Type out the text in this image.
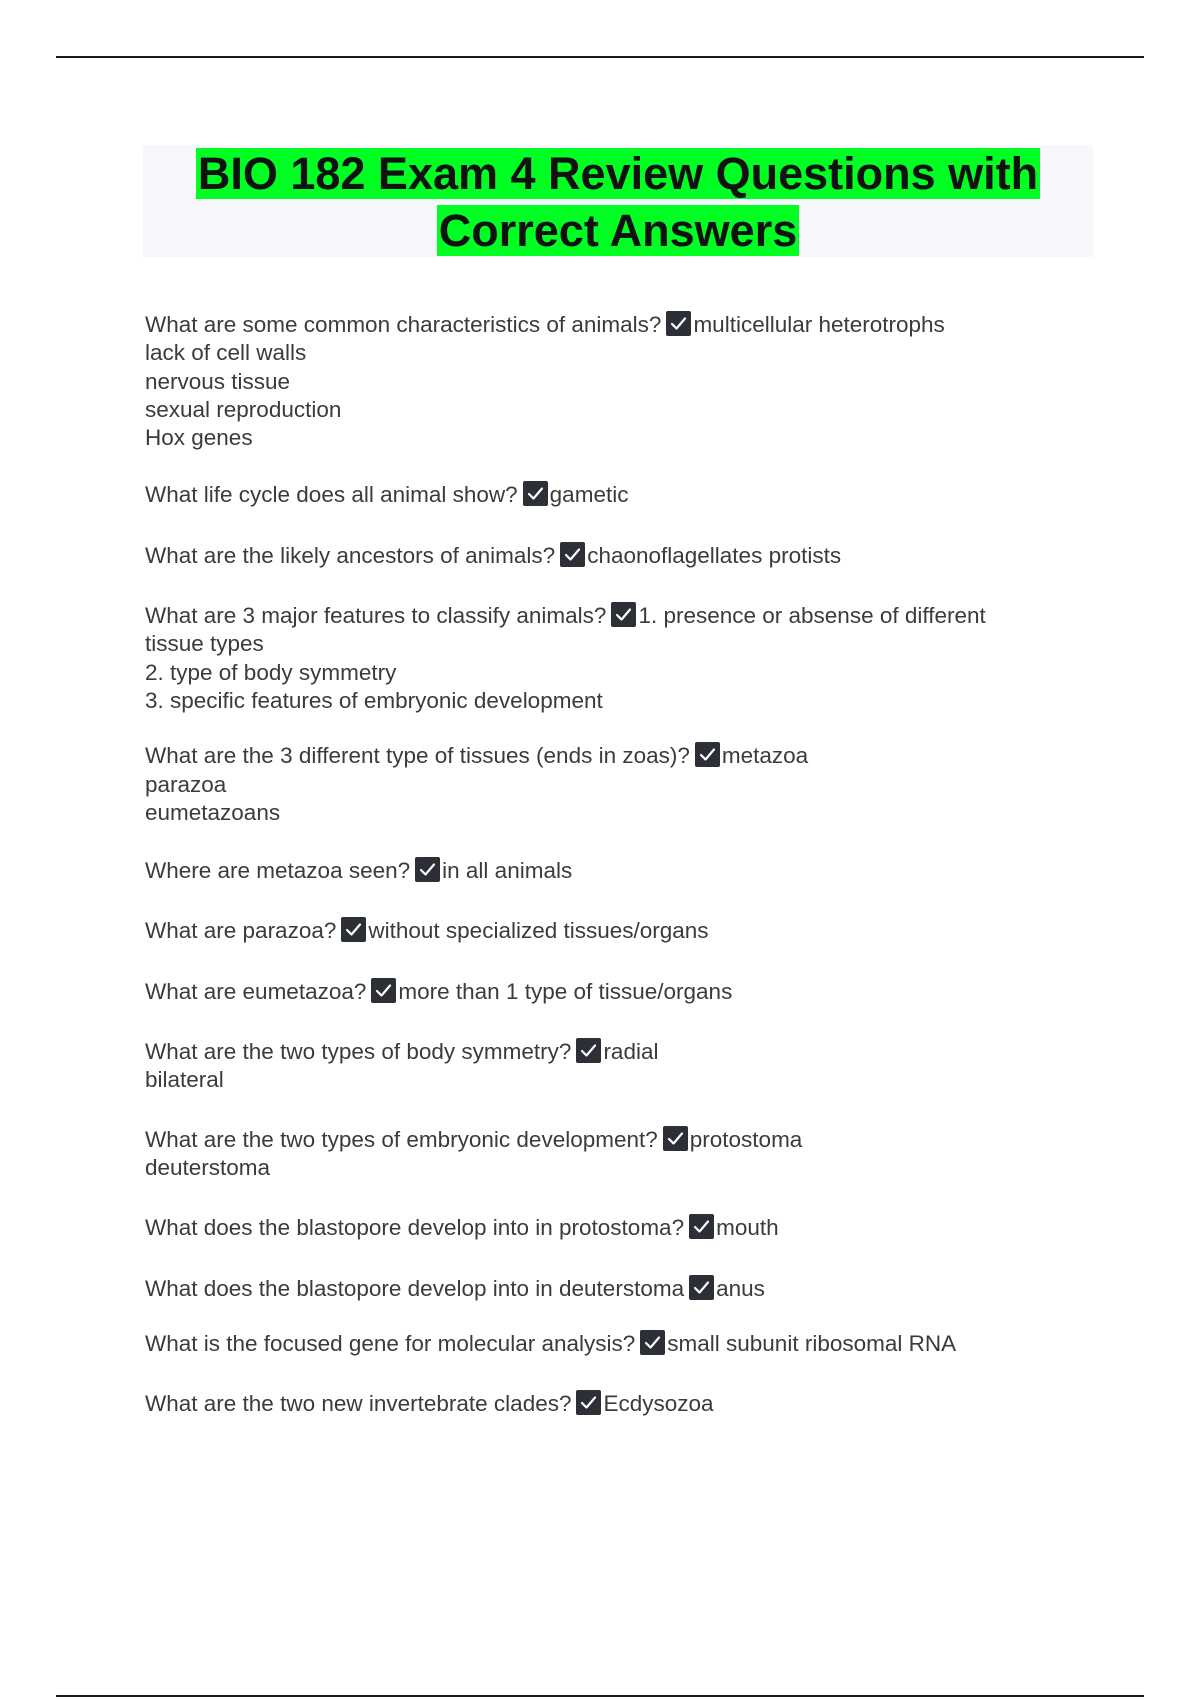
BIO 182 Exam 4 Review Questions with
Correct Answers
What are some common characteristics of animals? multicellular heterotrophs
lack of cell walls
nervous tissue
sexual reproduction
Hox genes
What life cycle does all animal show? gametic
What are the likely ancestors of animals? chaonoflagellates protists
What are 3 major features to classify animals? 1. presence or absense of different
tissue types
2. type of body symmetry
3. specific features of embryonic development
What are the 3 different type of tissues (ends in zoas)? metazoa
parazoa
eumetazoans
Where are metazoa seen? in all animals
What are parazoa? without specialized tissues/organs
What are eumetazoa? more than 1 type of tissue/organs
What are the two types of body symmetry? radial
bilateral
What are the two types of embryonic development? protostoma
deuterstoma
What does the blastopore develop into in protostoma? mouth
What does the blastopore develop into in deuterstoma anus
What is the focused gene for molecular analysis? small subunit ribosomal RNA
What are the two new invertebrate clades? Ecdysozoa
